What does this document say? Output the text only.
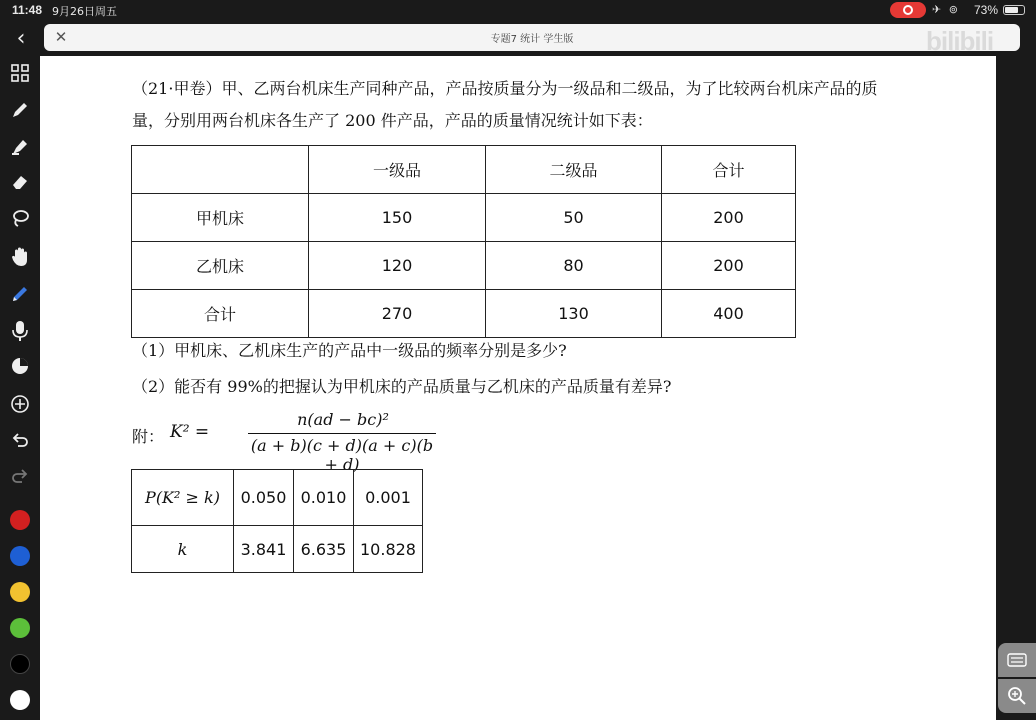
11:48 9月26日周五	✈ ⊚ 73%
‹	✕	专题7 统计 学生版	bilibili
（21·甲卷）甲、乙两台机床生产同种产品，产品按质量分为一级品和二级品，为了比较两台机床产品的质
量，分别用两台机床各生产了 200 件产品，产品的质量情况统计如下表：
	一级品	二级品	合计
甲机床	150	50	200
乙机床	120	80	200
合计	270	130	400
（1）甲机床、乙机床生产的产品中一级品的频率分别是多少?
（2）能否有 99%的把握认为甲机床的产品质量与乙机床的产品质量有差异?
附： K² =
n(ad − bc)²
(a + b)(c + d)(a + c)(b + d)
P(K² ≥ k)	0.050	0.010	0.001
k	3.841	6.635	10.828
